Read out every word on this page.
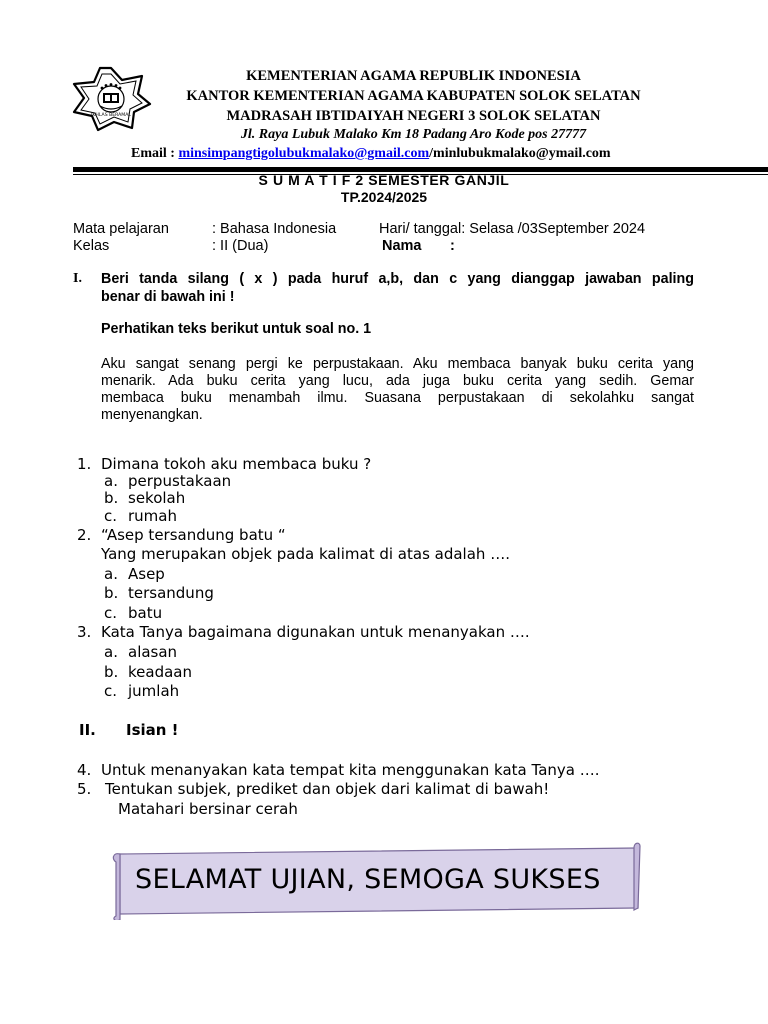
IKHLAS BERAMAL
KEMENTERIAN AGAMA REPUBLIK INDONESIA
KANTOR KEMENTERIAN AGAMA KABUPATEN SOLOK SELATAN
MADRASAH IBTIDAIYAH NEGERI 3 SOLOK SELATAN
Jl. Raya Lubuk Malako Km 18 Padang Aro Kode pos 27777
Email : minsimpangtigolubukmalako@gmail.com/minlubukmalako@ymail.com
S U M A T I F 2 SEMESTER GANJIL
TP.2024/2025
Mata pelajaran	: Bahasa Indonesia	Hari/ tanggal: Selasa /03September 2024
Kelas	: II (Dua)	Nama :
I. Beri tanda silang ( x ) pada huruf a,b, dan c yang dianggap jawaban paling
benar di bawah ini !
Perhatikan teks berikut untuk soal no. 1
Aku sangat senang pergi ke perpustakaan. Aku membaca banyak buku cerita yang
menarik. Ada buku cerita yang lucu, ada juga buku cerita yang sedih. Gemar
membaca buku menambah ilmu. Suasana perpustakaan di sekolahku sangat
menyenangkan.
1. Dimana tokoh aku membaca buku ?
a. perpustakaan
b. sekolah
c. rumah
2. “Asep tersandung batu “
Yang merupakan objek pada kalimat di atas adalah ….
a. Asep
b. tersandung
c. batu
3. Kata Tanya bagaimana digunakan untuk menanyakan ….
a. alasan
b. keadaan
c. jumlah
II. Isian !
4. Untuk menanyakan kata tempat kita menggunakan kata Tanya ….
5. Tentukan subjek, prediket dan objek dari kalimat di bawah!
Matahari bersinar cerah
SELAMAT UJIAN, SEMOGA SUKSES
